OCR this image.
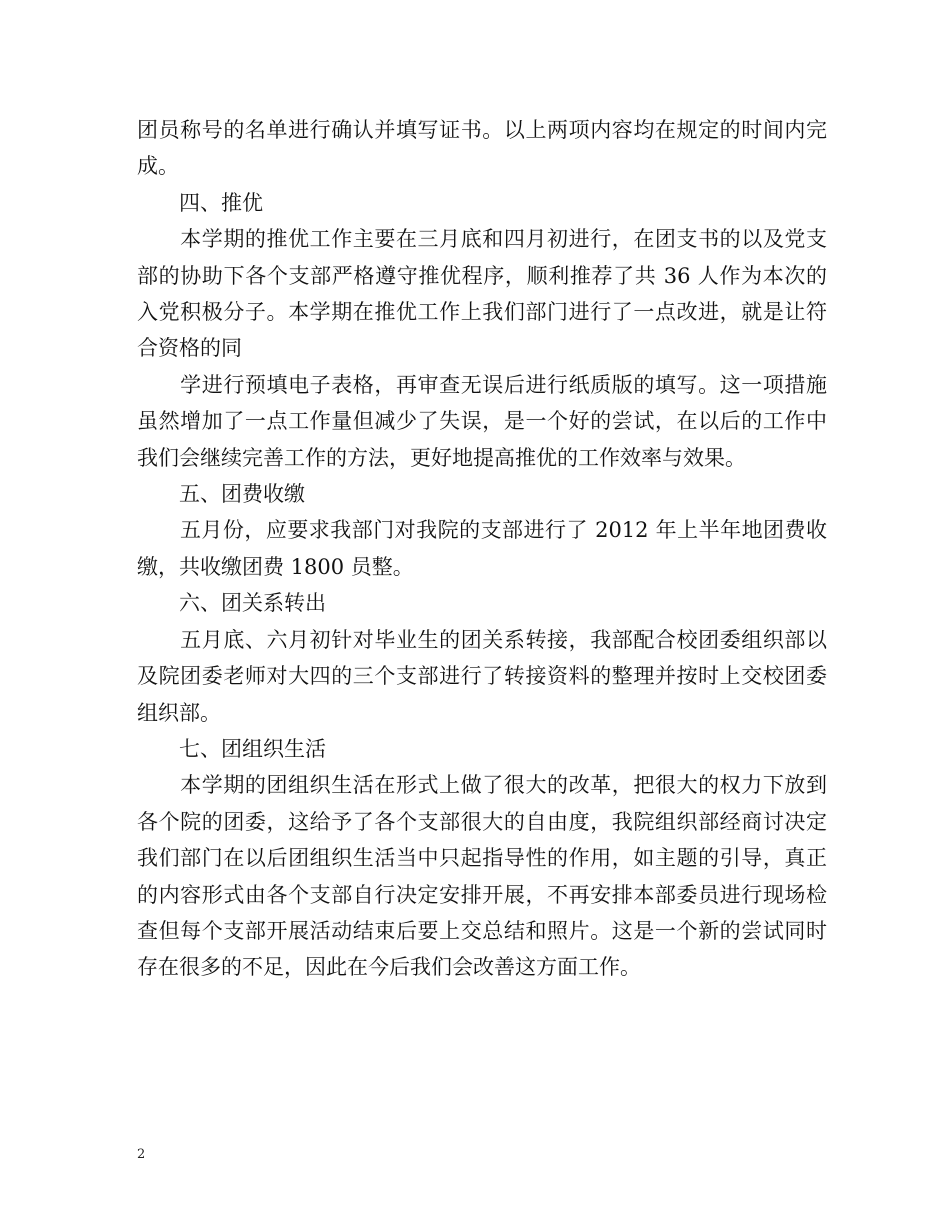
团员称号的名单进行确认并填写证书。以上两项内容均在规定的时间内完成。

　　四、推优

　　本学期的推优工作主要在三月底和四月初进行，在团支书的以及党支部的协助下各个支部严格遵守推优程序，顺利推荐了共 36 人作为本次的入党积极分子。本学期在推优工作上我们部门进行了一点改进，就是让符合资格的同

　　学进行预填电子表格，再审查无误后进行纸质版的填写。这一项措施虽然增加了一点工作量但减少了失误，是一个好的尝试，在以后的工作中我们会继续完善工作的方法，更好地提高推优的工作效率与效果。

　　五、团费收缴

　　五月份，应要求我部门对我院的支部进行了 2012 年上半年地团费收缴，共收缴团费 1800 员整。

　　六、团关系转出

　　五月底、六月初针对毕业生的团关系转接，我部配合校团委组织部以及院团委老师对大四的三个支部进行了转接资料的整理并按时上交校团委组织部。

　　七、团组织生活

　　本学期的团组织生活在形式上做了很大的改革，把很大的权力下放到各个院的团委，这给予了各个支部很大的自由度，我院组织部经商讨决定我们部门在以后团组织生活当中只起指导性的作用，如主题的引导，真正的内容形式由各个支部自行决定安排开展，不再安排本部委员进行现场检查但每个支部开展活动结束后要上交总结和照片。这是一个新的尝试同时存在很多的不足，因此在今后我们会改善这方面工作。

2
